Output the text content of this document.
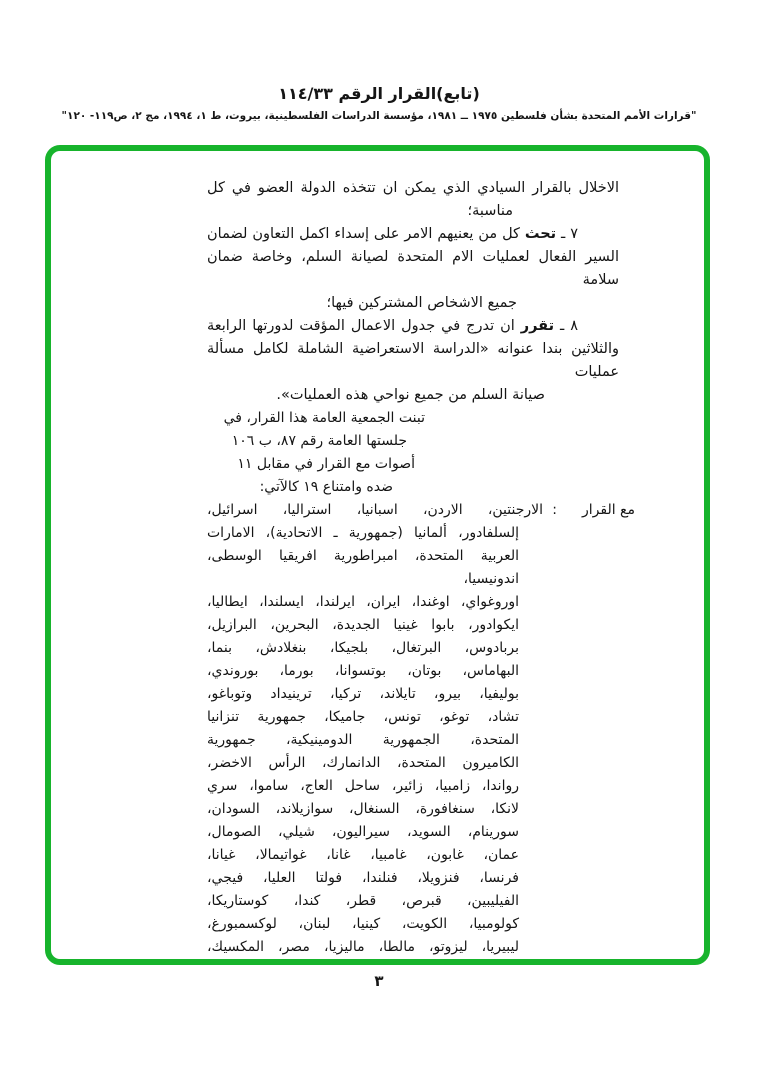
(تابع)القرار الرقم ١١٤/٣٣
"قرارات الأمم المتحدة بشأن فلسطين ١٩٧٥ ــ ١٩٨١، مؤسسة الدراسات الفلسطينية، بيروت، ط ١، ١٩٩٤، مج ٢، ص١١٩- ١٢٠"
الاخلال بالقرار السيادي الذي يمكن ان تتخذه الدولة العضو في كل
مناسبة؛
٧ ـ تحث كل من يعنيهم الامر على إسداء اكمل التعاون لضمان
السير الفعال لعمليات الام المتحدة لصيانة السلم، وخاصة ضمان سلامة
جميع الاشخاص المشتركين فيها؛
٨ ـ تقرر ان تدرج في جدول الاعمال المؤقت لدورتها الرابعة
والثلاثين بندا عنوانه «الدراسة الاستعراضية الشاملة لكامل مسألة عمليات
صيانة السلم من جميع نواحي هذه العمليات».
تبنت الجمعية العامة هذا القرار، في
جلستها العامة رقم ٨٧، ب ١٠٦
أصوات مع القرار في مقابل ١١
ضده وامتناع ١٩ كالآتي:
مع القرار
:
الارجنتين، الاردن، اسبانيا، استراليا، اسرائيل،
إلسلفادور، ألمانيا (جمهورية ـ الاتحادية)، الامارات
العربية المتحدة، امبراطورية افريقيا الوسطى، اندونيسيا،
اوروغواي، اوغندا، ايران، ايرلندا، ايسلندا، ايطاليا،
ايكوادور، بابوا غينيا الجديدة، البحرين، البرازيل،
بربادوس، البرتغال، بلجيكا، بنغلادش، بنما،
البهاماس، بوتان، بوتسوانا، بورما، بوروندي،
بوليفيا، بيرو، تايلاند، تركيا، ترينيداد وتوباغو،
تشاد، توغو، تونس، جاميكا، جمهورية تنزانيا
المتحدة، الجمهورية الدومينيكية، جمهورية
الكاميرون المتحدة، الدانمارك، الرأس الاخضر،
رواندا، زامبيا، زائير، ساحل العاج، ساموا، سري
لانكا، سنغافورة، السنغال، سوازيلاند، السودان،
سورينام، السويد، سيراليون، شيلي، الصومال،
عمان، غابون، غامبيا، غانا، غواتيمالا، غيانا،
فرنسا، فنزويلا، فنلندا، فولتا العليا، فيجي،
الفيليبين، قبرص، قطر، كندا، كوستاريكا،
كولومبيا، الكويت، كينيا، لبنان، لوكسمبورغ،
ليبيريا، ليزوتو، مالطا، ماليزيا، مصر، المكسيك،
٣
